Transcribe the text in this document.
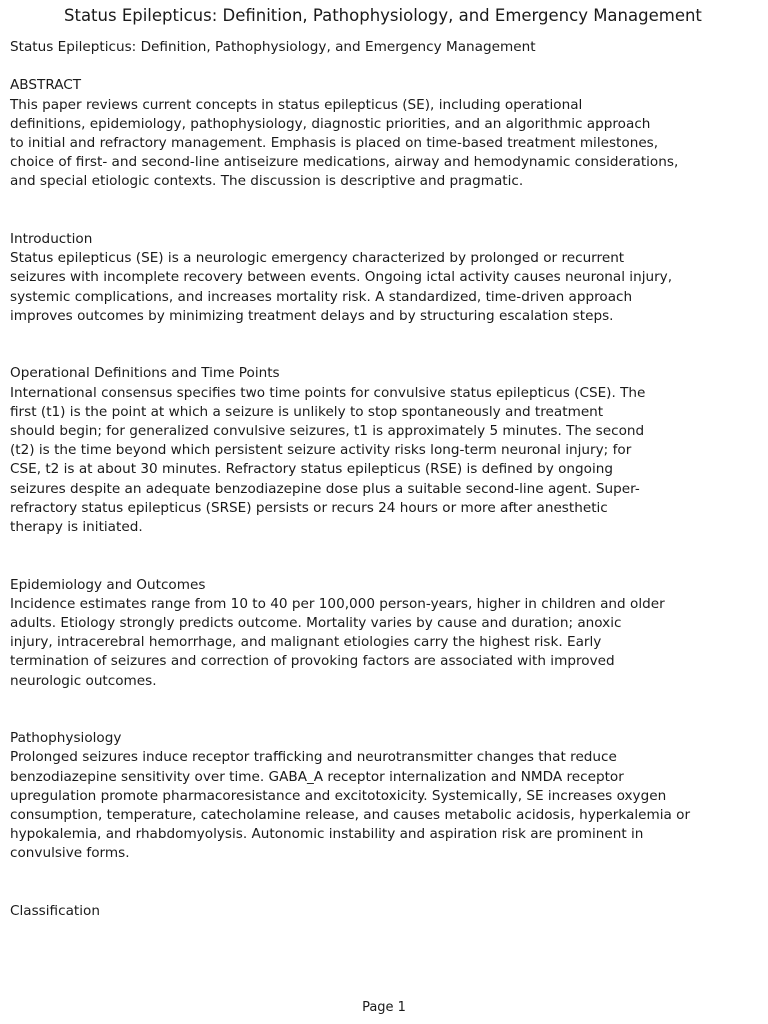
Status Epilepticus: Definition, Pathophysiology, and Emergency Management
Status Epilepticus: Definition, Pathophysiology, and Emergency Management
ABSTRACT
This paper reviews current concepts in status epilepticus (SE), including operational
definitions, epidemiology, pathophysiology, diagnostic priorities, and an algorithmic approach
to initial and refractory management. Emphasis is placed on time-based treatment milestones,
choice of first- and second-line antiseizure medications, airway and hemodynamic considerations,
and special etiologic contexts. The discussion is descriptive and pragmatic.
Introduction
Status epilepticus (SE) is a neurologic emergency characterized by prolonged or recurrent
seizures with incomplete recovery between events. Ongoing ictal activity causes neuronal injury,
systemic complications, and increases mortality risk. A standardized, time-driven approach
improves outcomes by minimizing treatment delays and by structuring escalation steps.
Operational Definitions and Time Points
International consensus specifies two time points for convulsive status epilepticus (CSE). The
first (t1) is the point at which a seizure is unlikely to stop spontaneously and treatment
should begin; for generalized convulsive seizures, t1 is approximately 5 minutes. The second
(t2) is the time beyond which persistent seizure activity risks long-term neuronal injury; for
CSE, t2 is at about 30 minutes. Refractory status epilepticus (RSE) is defined by ongoing
seizures despite an adequate benzodiazepine dose plus a suitable second-line agent. Super-
refractory status epilepticus (SRSE) persists or recurs 24 hours or more after anesthetic
therapy is initiated.
Epidemiology and Outcomes
Incidence estimates range from 10 to 40 per 100,000 person-years, higher in children and older
adults. Etiology strongly predicts outcome. Mortality varies by cause and duration; anoxic
injury, intracerebral hemorrhage, and malignant etiologies carry the highest risk. Early
termination of seizures and correction of provoking factors are associated with improved
neurologic outcomes.
Pathophysiology
Prolonged seizures induce receptor trafficking and neurotransmitter changes that reduce
benzodiazepine sensitivity over time. GABA_A receptor internalization and NMDA receptor
upregulation promote pharmacoresistance and excitotoxicity. Systemically, SE increases oxygen
consumption, temperature, catecholamine release, and causes metabolic acidosis, hyperkalemia or
hypokalemia, and rhabdomyolysis. Autonomic instability and aspiration risk are prominent in
convulsive forms.
Classification
Page 1
